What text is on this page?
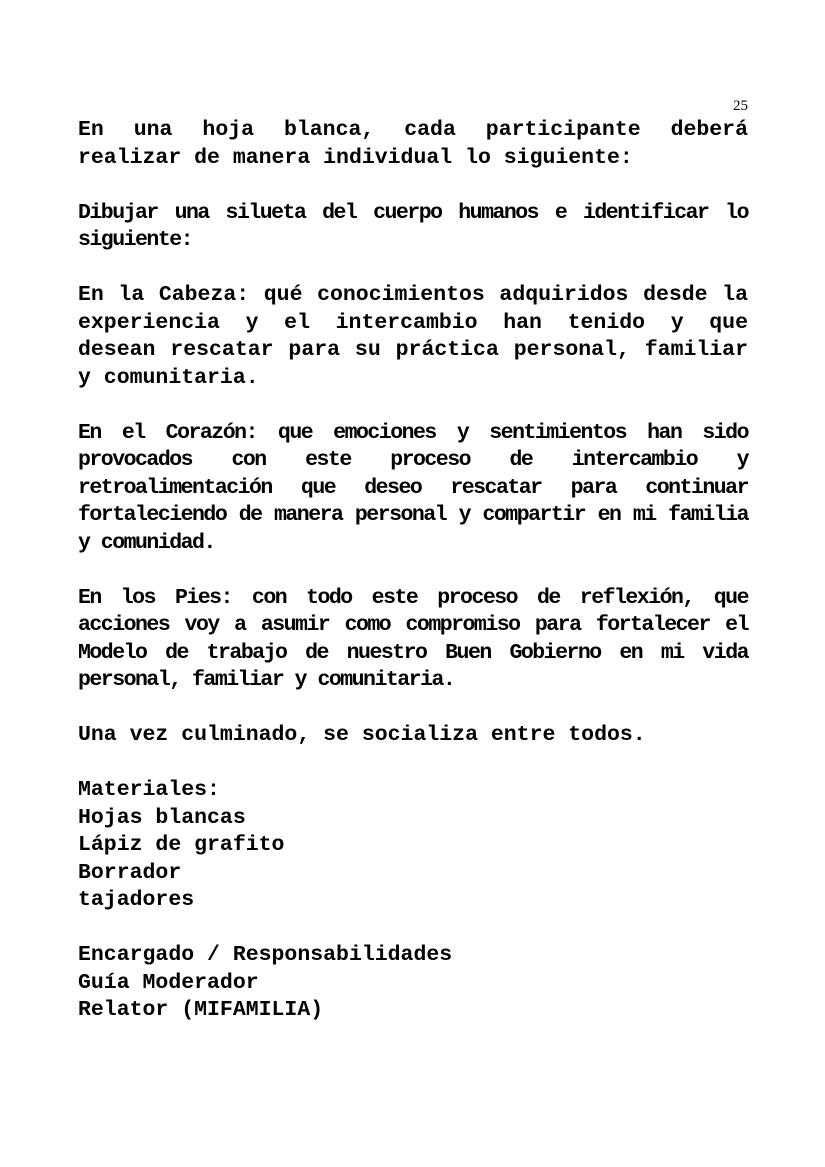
25

En una hoja blanca, cada participante deberá realizar de manera individual lo siguiente:

Dibujar una silueta del cuerpo humanos e identificar lo siguiente:

En la Cabeza: qué conocimientos adquiridos desde la experiencia y el intercambio han tenido y que desean rescatar para su práctica personal, familiar y comunitaria.

En el Corazón: que emociones y sentimientos han sido provocados con este proceso de intercambio y retroalimentación que deseo rescatar para continuar fortaleciendo de manera personal y compartir en mi familia y comunidad.

En los Pies: con todo este proceso de reflexión, que acciones voy a asumir como compromiso para fortalecer el Modelo de trabajo de nuestro Buen Gobierno en mi vida personal, familiar y comunitaria.

Una vez culminado, se socializa entre todos.

Materiales:
Hojas blancas
Lápiz de grafito
Borrador
tajadores
Encargado / Responsabilidades
Guía Moderador
Relator (MIFAMILIA)
